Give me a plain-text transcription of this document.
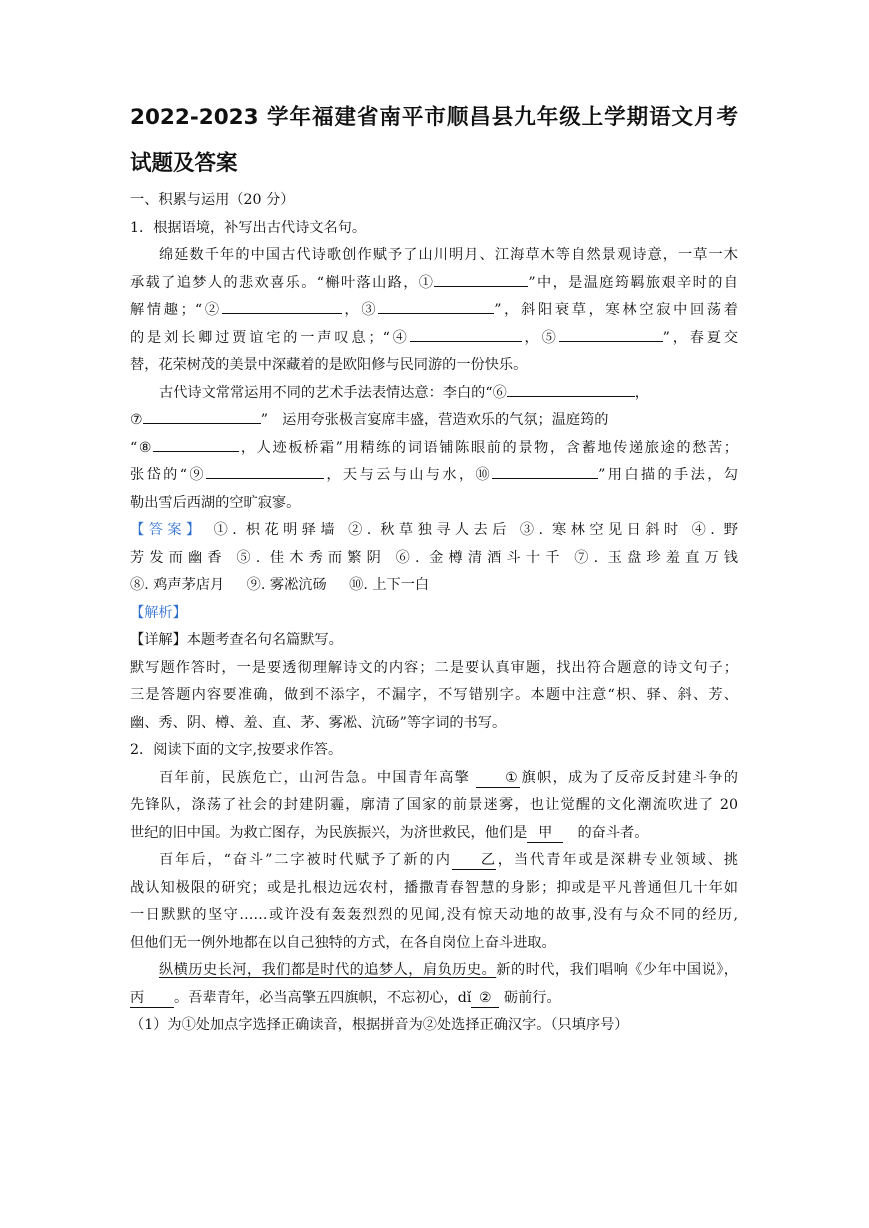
2022-2023 学年福建省南平市顺昌县九年级上学期语文月考

试题及答案

一、积累与运用（20 分）

1．根据语境，补写出古代诗文名句。

绵延数千年的中国古代诗歌创作赋予了山川明月、江海草木等自然景观诗意，一草一木

承载了追梦人的悲欢喜乐。“槲叶落山路，①	”中，是温庭筠羁旅艰辛时的自

解情趣；“②	，③	”，斜阳衰草，寒林空寂中回荡着

的是刘长卿过贾谊宅的一声叹息；“④	，⑤	”，春夏交

替，花荣树茂的美景中深藏着的是欧阳修与民同游的一份快乐。

古代诗文常常运用不同的艺术手法表情达意：李白的“⑥	，

⑦	”　运用夸张极言宴席丰盛，营造欢乐的气氛；温庭筠的

“⑧	，人迹板桥霜”用精练的词语铺陈眼前的景物，含蓄地传递旅途的愁苦；

张岱的“⑨	，天与云与山与水，⑩	”用白描的手法，勾

勒出雪后西湖的空旷寂寥。

【答案】 ①. 枳花明驿墙 ②. 秋草独寻人去后 ③. 寒林空见日斜时 ④. 野

芳发而幽香 ⑤. 佳木秀而繁阴 ⑥. 金樽清酒斗十千 ⑦. 玉盘珍羞直万钱

⑧. 鸡声茅店月 ⑨. 雾凇沆砀 ⑩. 上下一白

【解析】

【详解】本题考查名句名篇默写。

默写题作答时，一是要透彻理解诗文的内容；二是要认真审题，找出符合题意的诗文句子；

三是答题内容要准确，做到不添字，不漏字，不写错别字。本题中注意“枳、驿、斜、芳、

幽、秀、阴、樽、羞、直、茅、雾凇、沆砀”等字词的书写。

2．阅读下面的文字,按要求作答。

百年前，民族危亡，山河告急。中国青年高擎 ① 旗帜，成为了反帝反封建斗争的

先锋队，涤荡了社会的封建阴霾，廓清了国家的前景迷雾，也让觉醒的文化潮流吹进了 20

世纪的旧中国。为救亡图存，为民族振兴，为济世救民，他们是 甲　 的奋斗者。

百年后，“奋斗”二字被时代赋予了新的内 乙，当代青年或是深耕专业领域、挑

战认知极限的研究；或是扎根边远农村，播撒青春智慧的身影；抑或是平凡普通但几十年如

一日默默的坚守……或许没有轰轰烈烈的见闻,没有惊天动地的故事,没有与众不同的经历,

但他们无一例外地都在以自己独特的方式，在各自岗位上奋斗进取。

纵横历史长河，我们都是时代的追梦人，肩负历史。新的时代，我们唱响《少年中国说》，

丙 。吾辈青年，必当高擎五四旗帜，不忘初心，dǐ ② 砺前行。

（1）为①处加点字选择正确读音，根据拼音为②处选择正确汉字。（只填序号）
